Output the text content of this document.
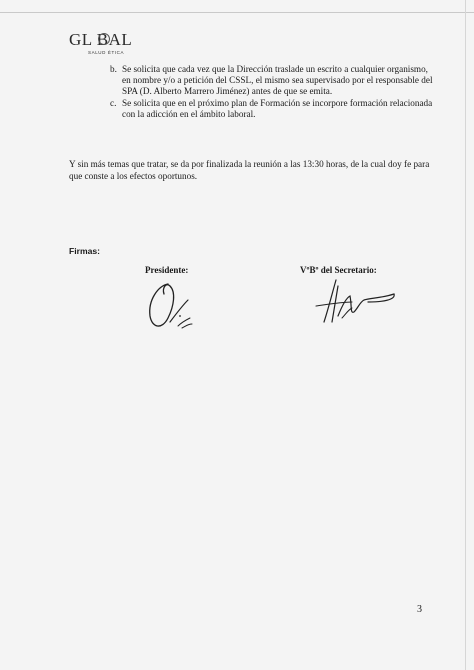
GL BAL
SALUD ÉTICA
b. Se solicita que cada vez que la Dirección traslade un escrito a cualquier organismo,
en nombre y/o a petición del CSSL, el mismo sea supervisado por el responsable del
SPA (D. Alberto Marrero Jiménez) antes de que se emita.
c. Se solicita que en el próximo plan de Formación se incorpore formación relacionada
con la adicción en el ámbito laboral.
Y sin más temas que tratar, se da por finalizada la reunión a las 13:30 horas, de la cual doy fe para
que conste a los efectos oportunos.
Firmas:
Presidente:	VºBº del Secretario:
3
